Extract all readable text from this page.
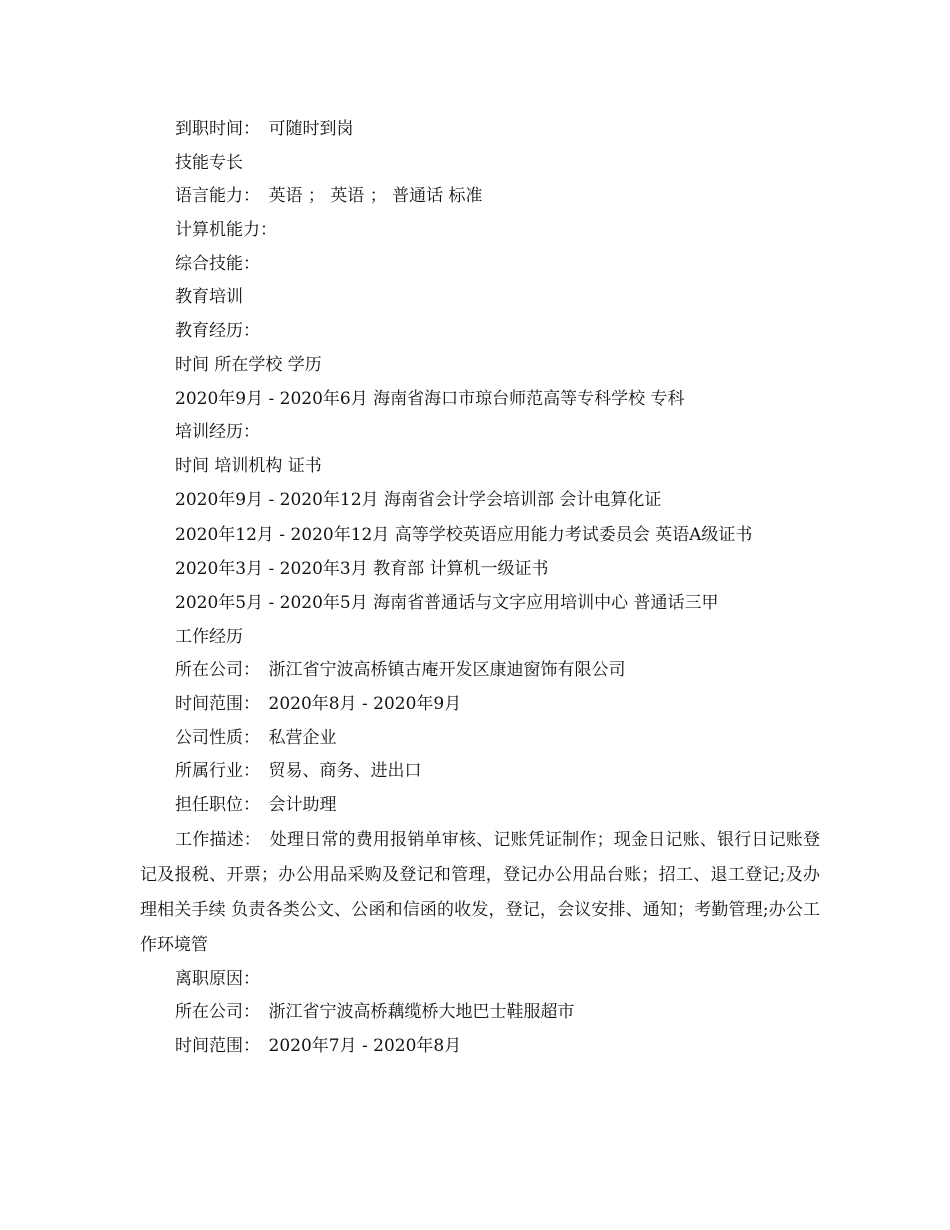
到职时间：　可随时到岗
技能专长
语言能力：　英语 ； 英语 ； 普通话 标准
计算机能力：
综合技能：
教育培训
教育经历：
时间 所在学校 学历
2020年9月 - 2020年6月 海南省海口市琼台师范高等专科学校 专科
培训经历：
时间 培训机构 证书
2020年9月 - 2020年12月 海南省会计学会培训部 会计电算化证
2020年12月 - 2020年12月 高等学校英语应用能力考试委员会 英语A级证书
2020年3月 - 2020年3月 教育部 计算机一级证书
2020年5月 - 2020年5月 海南省普通话与文字应用培训中心 普通话三甲
工作经历
所在公司：　浙江省宁波高桥镇古庵开发区康迪窗饰有限公司
时间范围：　2020年8月 - 2020年9月
公司性质：　私营企业
所属行业：　贸易、商务、进出口
担任职位：　会计助理
工作描述：　处理日常的费用报销单审核、记账凭证制作；现金日记账、银行日记账登记及报税、开票；办公用品采购及登记和管理，登记办公用品台账；招工、退工登记;及办理相关手续 负责各类公文、公函和信函的收发，登记，会议安排、通知；考勤管理;办公工作环境管
离职原因：
所在公司：　浙江省宁波高桥藕缆桥大地巴士鞋服超市
时间范围：　2020年7月 - 2020年8月
